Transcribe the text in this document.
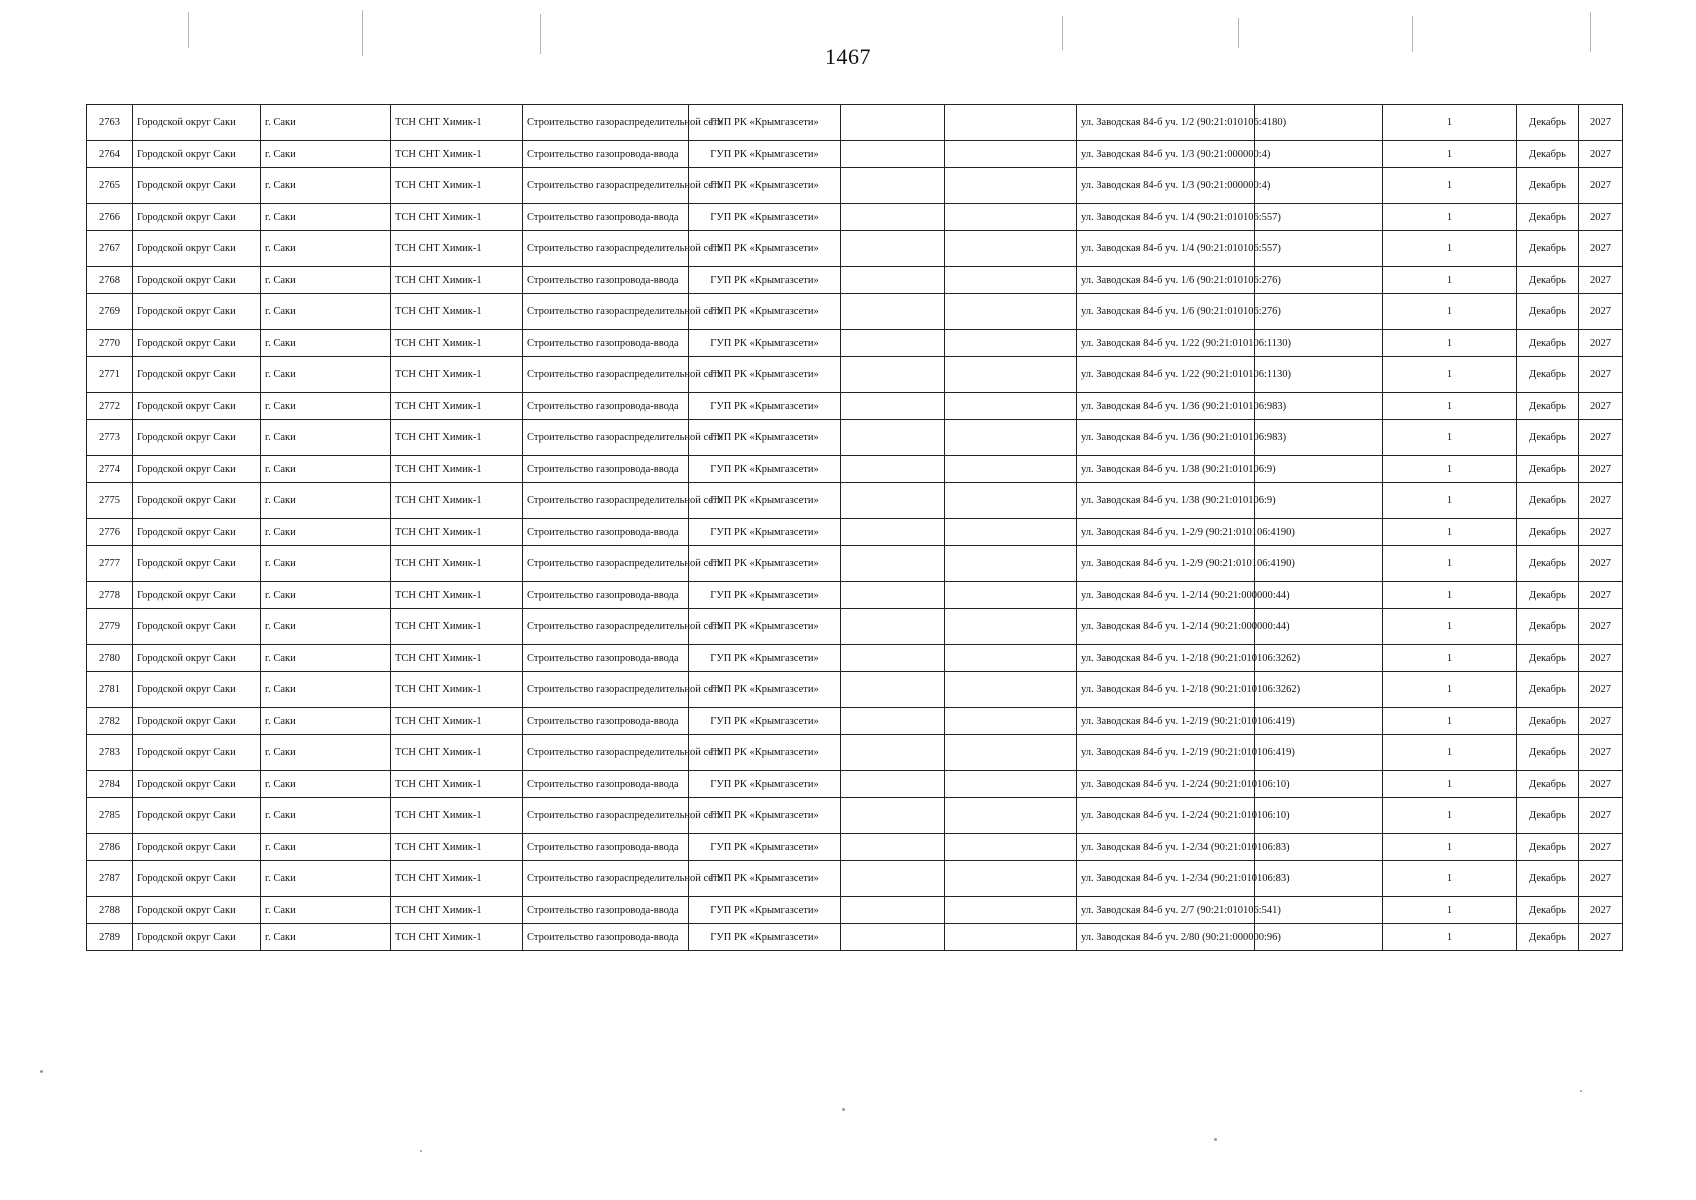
1467
2763	Городской округ Саки	г. Саки	ТСН СНТ Химик-1	Строительство газораспределительной сети	ГУП РК «Крымгазсети»			ул. Заводская 84-б уч. 1/2 (90:21:010106:4180)		1	Декабрь	2027
2764	Городской округ Саки	г. Саки	ТСН СНТ Химик-1	Строительство газопровода-ввода	ГУП РК «Крымгазсети»			ул. Заводская 84-б уч. 1/3 (90:21:000000:4)		1	Декабрь	2027
2765	Городской округ Саки	г. Саки	ТСН СНТ Химик-1	Строительство газораспределительной сети	ГУП РК «Крымгазсети»			ул. Заводская 84-б уч. 1/3 (90:21:000000:4)		1	Декабрь	2027
2766	Городской округ Саки	г. Саки	ТСН СНТ Химик-1	Строительство газопровода-ввода	ГУП РК «Крымгазсети»			ул. Заводская 84-б уч. 1/4 (90:21:010106:557)		1	Декабрь	2027
2767	Городской округ Саки	г. Саки	ТСН СНТ Химик-1	Строительство газораспределительной сети	ГУП РК «Крымгазсети»			ул. Заводская 84-б уч. 1/4 (90:21:010106:557)		1	Декабрь	2027
2768	Городской округ Саки	г. Саки	ТСН СНТ Химик-1	Строительство газопровода-ввода	ГУП РК «Крымгазсети»			ул. Заводская 84-б уч. 1/6 (90:21:010106:276)		1	Декабрь	2027
2769	Городской округ Саки	г. Саки	ТСН СНТ Химик-1	Строительство газораспределительной сети	ГУП РК «Крымгазсети»			ул. Заводская 84-б уч. 1/6 (90:21:010106:276)		1	Декабрь	2027
2770	Городской округ Саки	г. Саки	ТСН СНТ Химик-1	Строительство газопровода-ввода	ГУП РК «Крымгазсети»			ул. Заводская 84-б уч. 1/22 (90:21:010106:1130)		1	Декабрь	2027
2771	Городской округ Саки	г. Саки	ТСН СНТ Химик-1	Строительство газораспределительной сети	ГУП РК «Крымгазсети»			ул. Заводская 84-б уч. 1/22 (90:21:010106:1130)		1	Декабрь	2027
2772	Городской округ Саки	г. Саки	ТСН СНТ Химик-1	Строительство газопровода-ввода	ГУП РК «Крымгазсети»			ул. Заводская 84-б уч. 1/36 (90:21:010106:983)		1	Декабрь	2027
2773	Городской округ Саки	г. Саки	ТСН СНТ Химик-1	Строительство газораспределительной сети	ГУП РК «Крымгазсети»			ул. Заводская 84-б уч. 1/36 (90:21:010106:983)		1	Декабрь	2027
2774	Городской округ Саки	г. Саки	ТСН СНТ Химик-1	Строительство газопровода-ввода	ГУП РК «Крымгазсети»			ул. Заводская 84-б уч. 1/38 (90:21:010106:9)		1	Декабрь	2027
2775	Городской округ Саки	г. Саки	ТСН СНТ Химик-1	Строительство газораспределительной сети	ГУП РК «Крымгазсети»			ул. Заводская 84-б уч. 1/38 (90:21:010106:9)		1	Декабрь	2027
2776	Городской округ Саки	г. Саки	ТСН СНТ Химик-1	Строительство газопровода-ввода	ГУП РК «Крымгазсети»			ул. Заводская 84-б уч. 1-2/9 (90:21:010106:4190)		1	Декабрь	2027
2777	Городской округ Саки	г. Саки	ТСН СНТ Химик-1	Строительство газораспределительной сети	ГУП РК «Крымгазсети»			ул. Заводская 84-б уч. 1-2/9 (90:21:010106:4190)		1	Декабрь	2027
2778	Городской округ Саки	г. Саки	ТСН СНТ Химик-1	Строительство газопровода-ввода	ГУП РК «Крымгазсети»			ул. Заводская 84-б уч. 1-2/14 (90:21:000000:44)		1	Декабрь	2027
2779	Городской округ Саки	г. Саки	ТСН СНТ Химик-1	Строительство газораспределительной сети	ГУП РК «Крымгазсети»			ул. Заводская 84-б уч. 1-2/14 (90:21:000000:44)		1	Декабрь	2027
2780	Городской округ Саки	г. Саки	ТСН СНТ Химик-1	Строительство газопровода-ввода	ГУП РК «Крымгазсети»			ул. Заводская 84-б уч. 1-2/18 (90:21:010106:3262)		1	Декабрь	2027
2781	Городской округ Саки	г. Саки	ТСН СНТ Химик-1	Строительство газораспределительной сети	ГУП РК «Крымгазсети»			ул. Заводская 84-б уч. 1-2/18 (90:21:010106:3262)		1	Декабрь	2027
2782	Городской округ Саки	г. Саки	ТСН СНТ Химик-1	Строительство газопровода-ввода	ГУП РК «Крымгазсети»			ул. Заводская 84-б уч. 1-2/19 (90:21:010106:419)		1	Декабрь	2027
2783	Городской округ Саки	г. Саки	ТСН СНТ Химик-1	Строительство газораспределительной сети	ГУП РК «Крымгазсети»			ул. Заводская 84-б уч. 1-2/19 (90:21:010106:419)		1	Декабрь	2027
2784	Городской округ Саки	г. Саки	ТСН СНТ Химик-1	Строительство газопровода-ввода	ГУП РК «Крымгазсети»			ул. Заводская 84-б уч. 1-2/24 (90:21:010106:10)		1	Декабрь	2027
2785	Городской округ Саки	г. Саки	ТСН СНТ Химик-1	Строительство газораспределительной сети	ГУП РК «Крымгазсети»			ул. Заводская 84-б уч. 1-2/24 (90:21:010106:10)		1	Декабрь	2027
2786	Городской округ Саки	г. Саки	ТСН СНТ Химик-1	Строительство газопровода-ввода	ГУП РК «Крымгазсети»			ул. Заводская 84-б уч. 1-2/34 (90:21:010106:83)		1	Декабрь	2027
2787	Городской округ Саки	г. Саки	ТСН СНТ Химик-1	Строительство газораспределительной сети	ГУП РК «Крымгазсети»			ул. Заводская 84-б уч. 1-2/34 (90:21:010106:83)		1	Декабрь	2027
2788	Городской округ Саки	г. Саки	ТСН СНТ Химик-1	Строительство газопровода-ввода	ГУП РК «Крымгазсети»			ул. Заводская 84-б уч. 2/7 (90:21:010106:541)		1	Декабрь	2027
2789	Городской округ Саки	г. Саки	ТСН СНТ Химик-1	Строительство газопровода-ввода	ГУП РК «Крымгазсети»			ул. Заводская 84-б уч. 2/80 (90:21:000000:96)		1	Декабрь	2027
